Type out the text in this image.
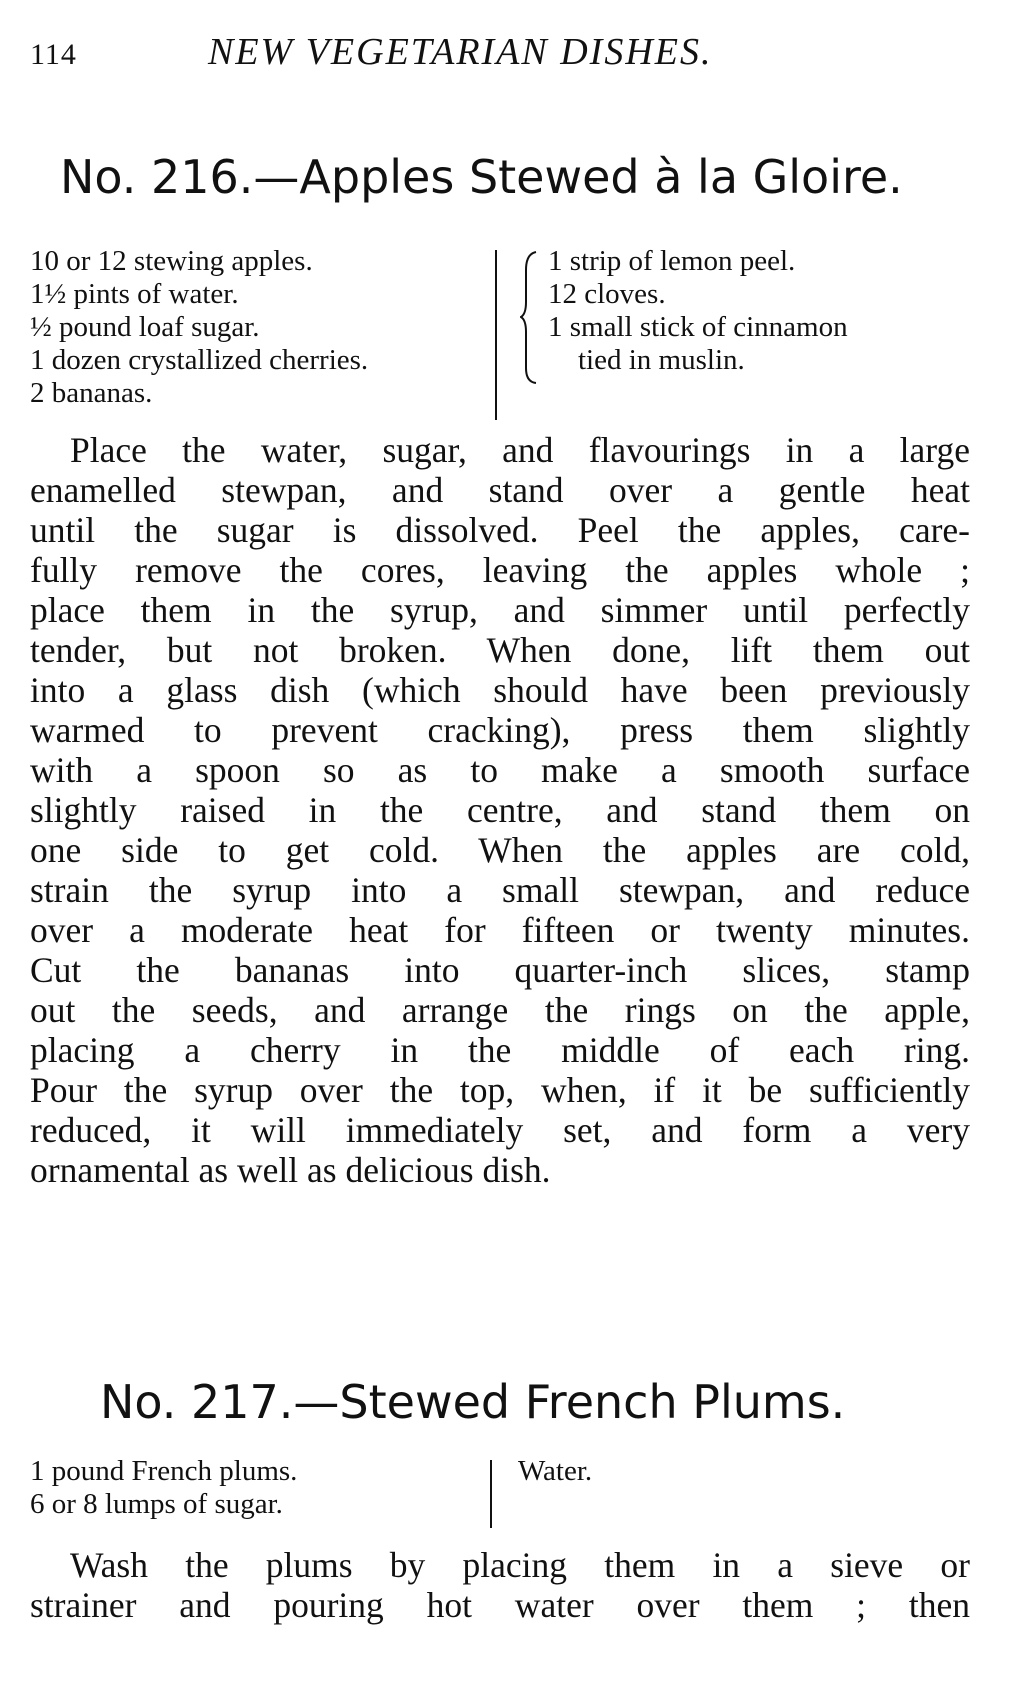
114	NEW VEGETARIAN DISHES.
No. 216.—Apples Stewed à la Gloire.
10 or 12 stewing apples.
1½ pints of water.
½ pound loaf sugar.
1 dozen crystallized cherries.
2 bananas.
1 strip of lemon peel.
12 cloves.
1 small stick of cinnamon
tied in muslin.
Place the water, sugar, and flavourings in a large
enamelled stewpan, and stand over a gentle heat
until the sugar is dissolved. Peel the apples, care-
fully remove the cores, leaving the apples whole ;
place them in the syrup, and simmer until perfectly
tender, but not broken. When done, lift them out
into a glass dish (which should have been previously
warmed to prevent cracking), press them slightly
with a spoon so as to make a smooth surface
slightly raised in the centre, and stand them on
one side to get cold. When the apples are cold,
strain the syrup into a small stewpan, and reduce
over a moderate heat for fifteen or twenty minutes.
Cut the bananas into quarter-inch slices, stamp
out the seeds, and arrange the rings on the apple,
placing a cherry in the middle of each ring.
Pour the syrup over the top, when, if it be sufficiently
reduced, it will immediately set, and form a very
ornamental as well as delicious dish.
No. 217.—Stewed French Plums.
1 pound French plums.
6 or 8 lumps of sugar.
Water.
Wash the plums by placing them in a sieve or
strainer and pouring hot water over them ; then
